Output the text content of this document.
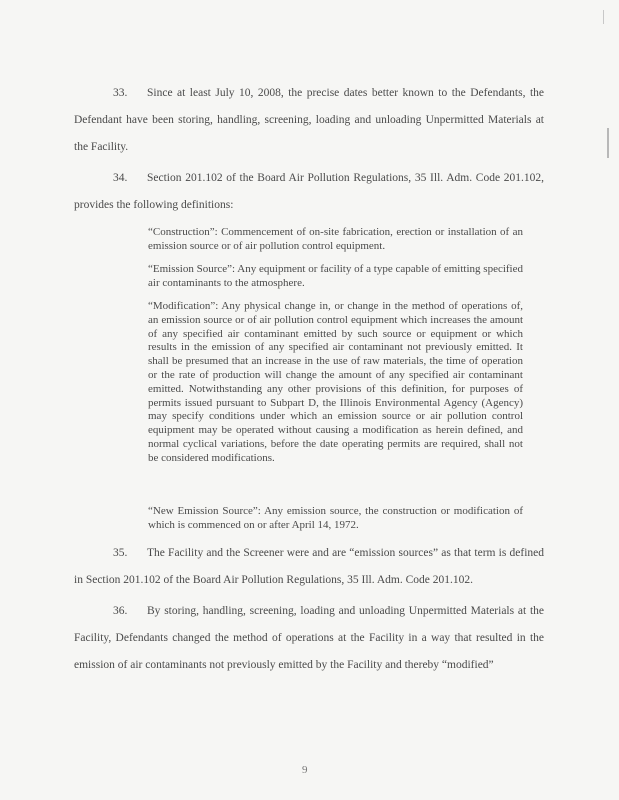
33. Since at least July 10, 2008, the precise dates better known to the Defendants, the Defendant have been storing, handling, screening, loading and unloading Unpermitted Materials at the Facility.
34. Section 201.102 of the Board Air Pollution Regulations, 35 Ill. Adm. Code 201.102, provides the following definitions:
“Construction”: Commencement of on-site fabrication, erection or installation of an emission source or of air pollution control equipment.
“Emission Source”: Any equipment or facility of a type capable of emitting specified air contaminants to the atmosphere.
“Modification”: Any physical change in, or change in the method of operations of, an emission source or of air pollution control equipment which increases the amount of any specified air contaminant emitted by such source or equipment or which results in the emission of any specified air contaminant not previously emitted. It shall be presumed that an increase in the use of raw materials, the time of operation or the rate of production will change the amount of any specified air contaminant emitted. Notwithstanding any other provisions of this definition, for purposes of permits issued pursuant to Subpart D, the Illinois Environmental Agency (Agency) may specify conditions under which an emission source or air pollution control equipment may be operated without causing a modification as herein defined, and normal cyclical variations, before the date operating permits are required, shall not be considered modifications.
“New Emission Source”: Any emission source, the construction or modification of which is commenced on or after April 14, 1972.
35. The Facility and the Screener were and are “emission sources” as that term is defined in Section 201.102 of the Board Air Pollution Regulations, 35 Ill. Adm. Code 201.102.
36. By storing, handling, screening, loading and unloading Unpermitted Materials at the Facility, Defendants changed the method of operations at the Facility in a way that resulted in the emission of air contaminants not previously emitted by the Facility and thereby “modified”
9
